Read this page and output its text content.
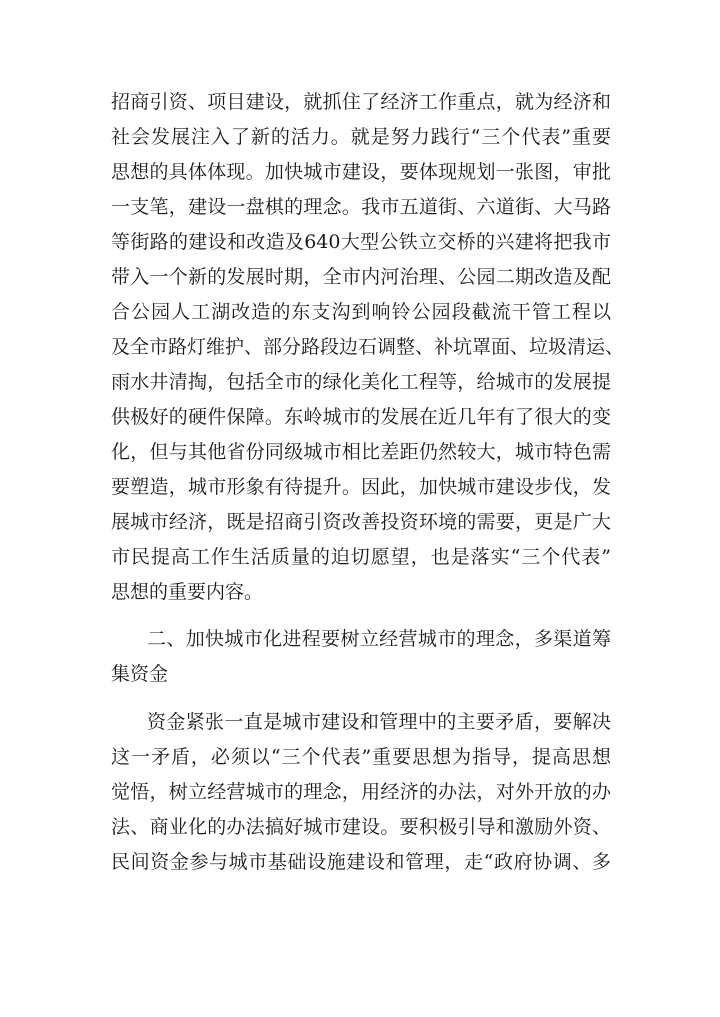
招商引资、项目建设，就抓住了经济工作重点，就为经济和
社会发展注入了新的活力。就是努力践行“三个代表”重要
思想的具体体现。加快城市建设，要体现规划一张图，审批
一支笔，建设一盘棋的理念。我市五道街、六道街、大马路
等街路的建设和改造及640大型公铁立交桥的兴建将把我市
带入一个新的发展时期，全市内河治理、公园二期改造及配
合公园人工湖改造的东支沟到响铃公园段截流干管工程以
及全市路灯维护、部分路段边石调整、补坑罩面、垃圾清运、
雨水井清掏，包括全市的绿化美化工程等，给城市的发展提
供极好的硬件保障。东岭城市的发展在近几年有了很大的变
化，但与其他省份同级城市相比差距仍然较大，城市特色需
要塑造，城市形象有待提升。因此，加快城市建设步伐，发
展城市经济，既是招商引资改善投资环境的需要，更是广大
市民提高工作生活质量的迫切愿望，也是落实“三个代表”
思想的重要内容。
二、加快城市化进程要树立经营城市的理念，多渠道筹
集资金
资金紧张一直是城市建设和管理中的主要矛盾，要解决
这一矛盾，必须以“三个代表”重要思想为指导，提高思想
觉悟，树立经营城市的理念，用经济的办法，对外开放的办
法、商业化的办法搞好城市建设。要积极引导和激励外资、
民间资金参与城市基础设施建设和管理，走“政府协调、多
